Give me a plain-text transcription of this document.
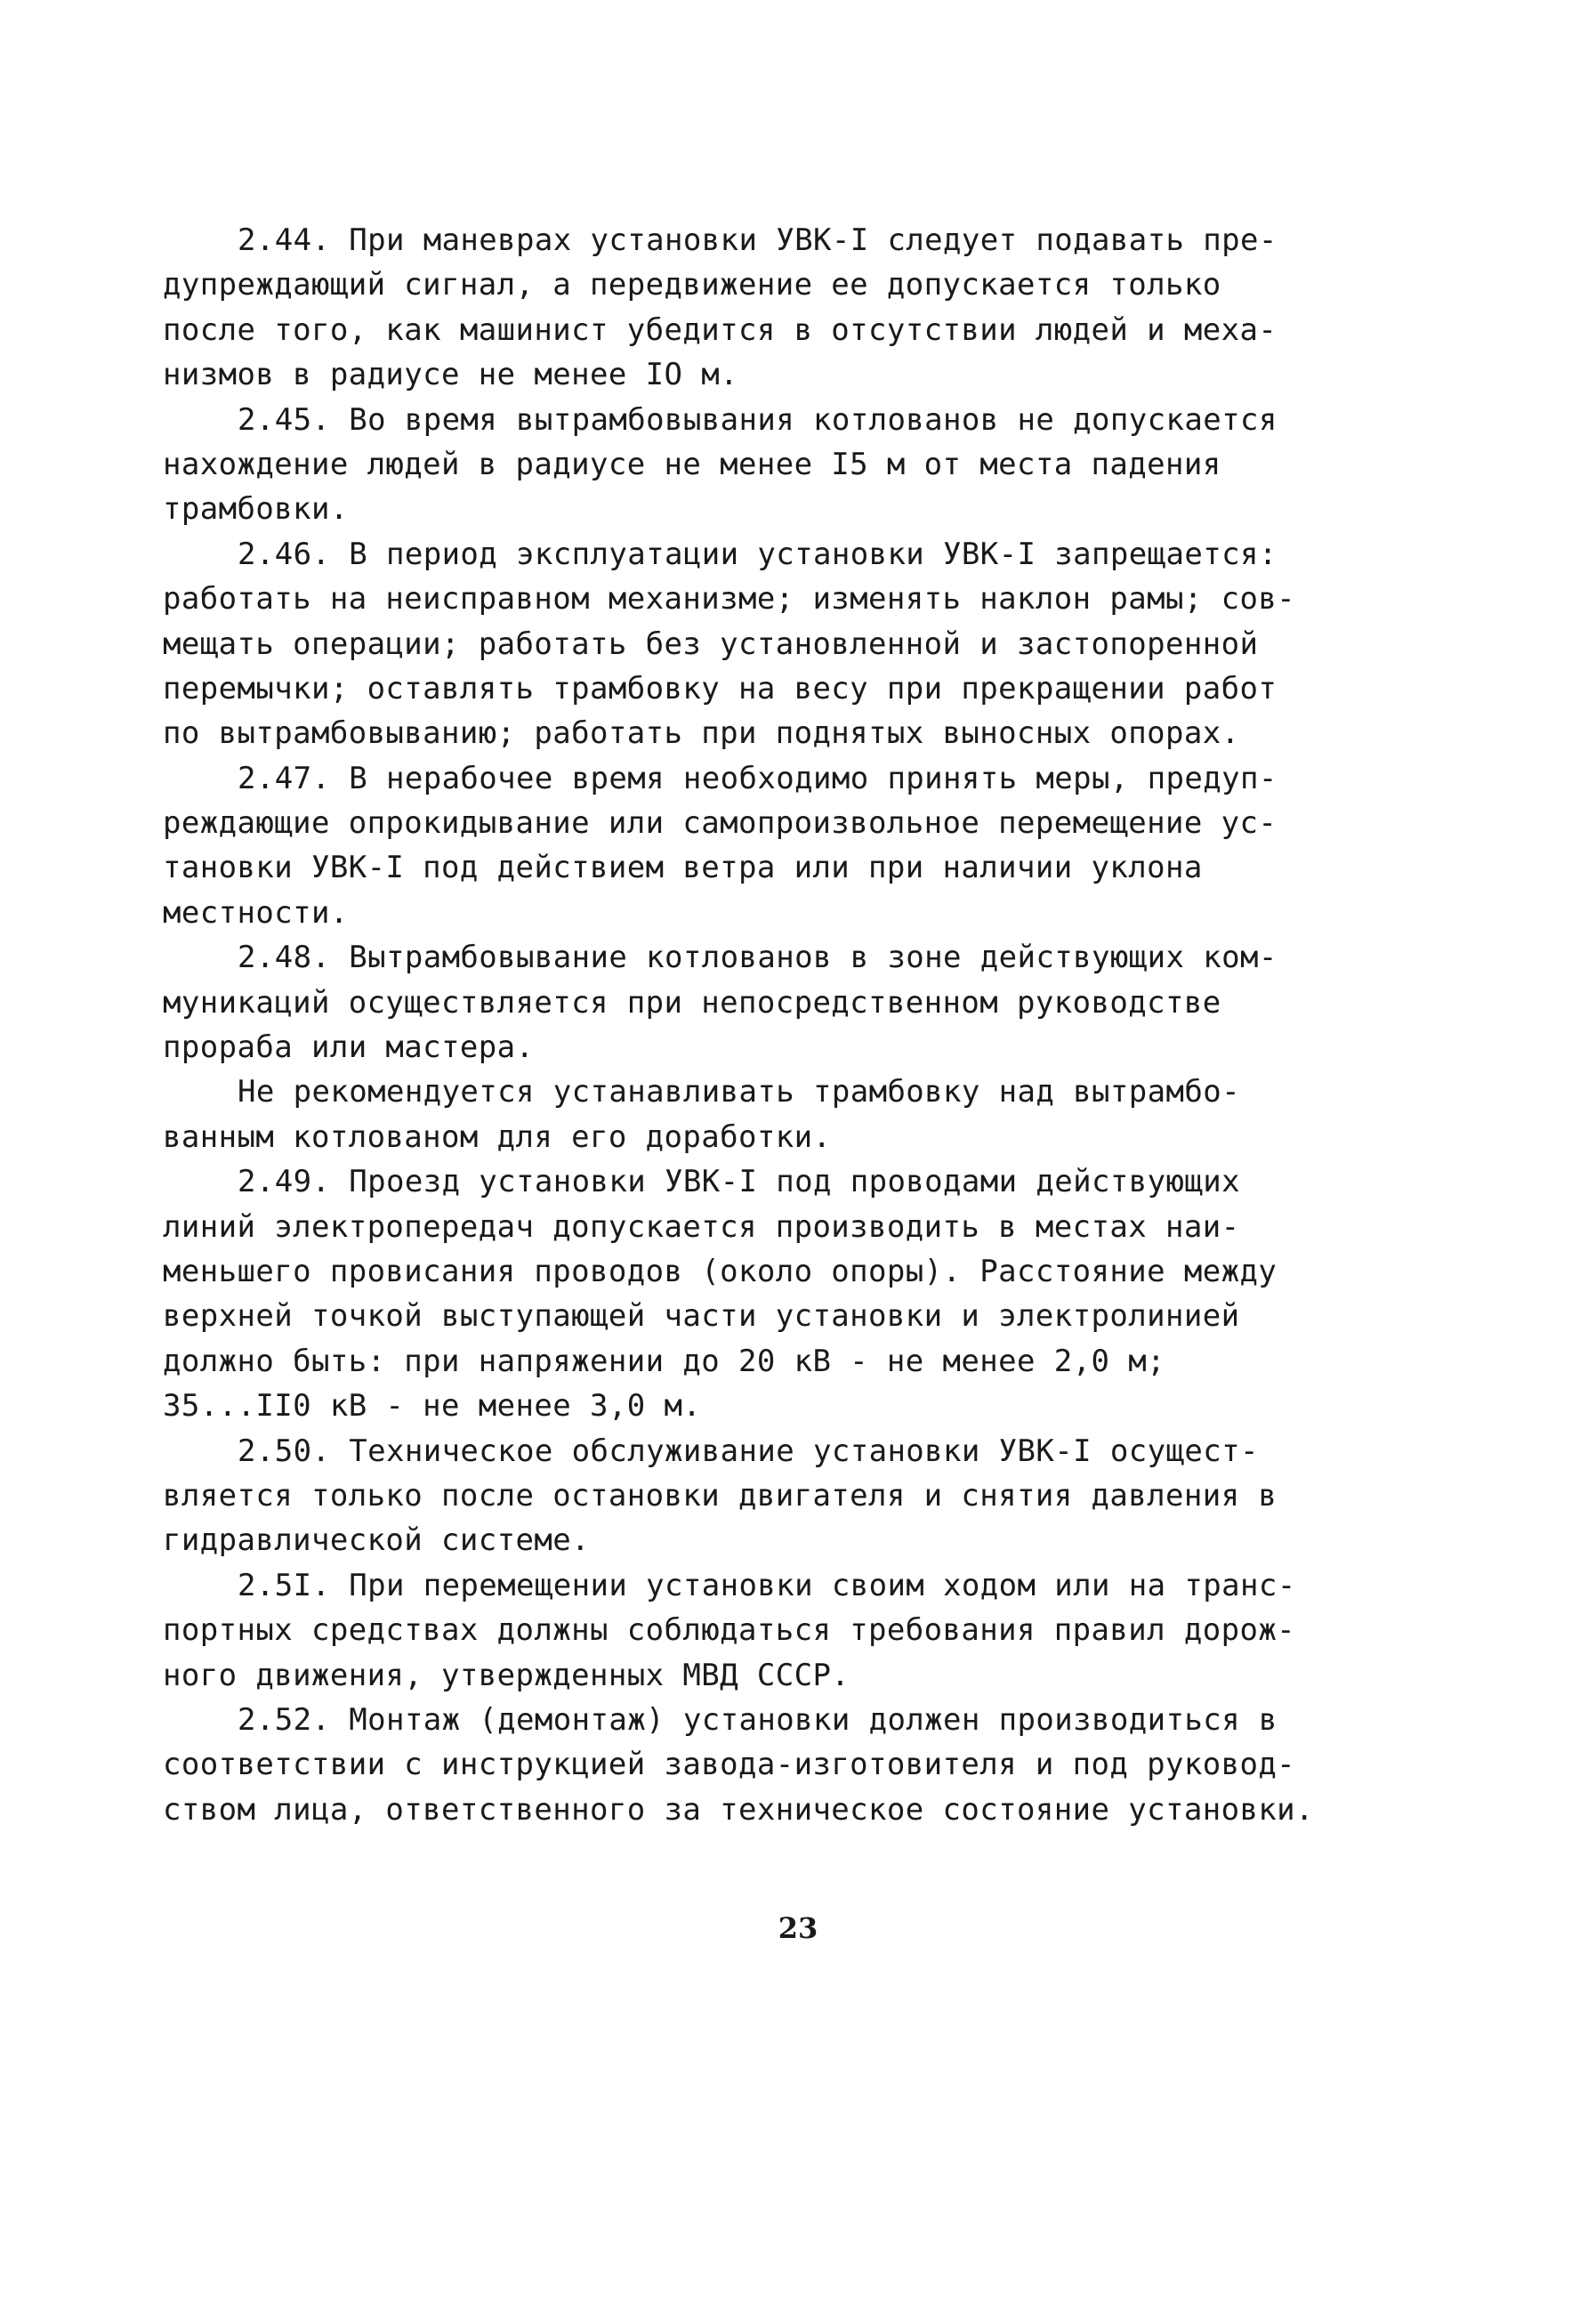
2.44. При маневрах установки УВК-I следует подавать пре-
дупреждающий сигнал, а передвижение ее допускается только
после того, как машинист убедится в отсутствии людей и меха-
низмов в радиусе не менее IO м.
2.45. Во время вытрамбовывания котлованов не допускается
нахождение людей в радиусе не менее I5 м от места падения
трамбовки.
2.46. В период эксплуатации установки УВК-I запрещается:
работать на неисправном механизме; изменять наклон рамы; сов-
мещать операции; работать без установленной и застопоренной
перемычки; оставлять трамбовку на весу при прекращении работ
по вытрамбовыванию; работать при поднятых выносных опорах.
2.47. В нерабочее время необходимо принять меры, предуп-
реждающие опрокидывание или самопроизвольное перемещение ус-
тановки УВК-I под действием ветра или при наличии уклона
местности.
2.48. Вытрамбовывание котлованов в зоне действующих ком-
муникаций осуществляется при непосредственном руководстве
прораба или мастера.
Не рекомендуется устанавливать трамбовку над вытрамбо-
ванным котлованом для его доработки.
2.49. Проезд установки УВК-I под проводами действующих
линий электропередач допускается производить в местах наи-
меньшего провисания проводов (около опоры). Расстояние между
верхней точкой выступающей части установки и электролинией
должно быть: при напряжении до 20 кВ - не менее 2,0 м;
35...II0 кВ - не менее 3,0 м.
2.50. Техническое обслуживание установки УВК-I осущест-
вляется только после остановки двигателя и снятия давления в
гидравлической системе.
2.5I. При перемещении установки своим ходом или на транс-
портных средствах должны соблюдаться требования правил дорож-
ного движения, утвержденных МВД СССР.
2.52. Монтаж (демонтаж) установки должен производиться в
соответствии с инструкцией завода-изготовителя и под руковод-
ством лица, ответственного за техническое состояние установки.
23
